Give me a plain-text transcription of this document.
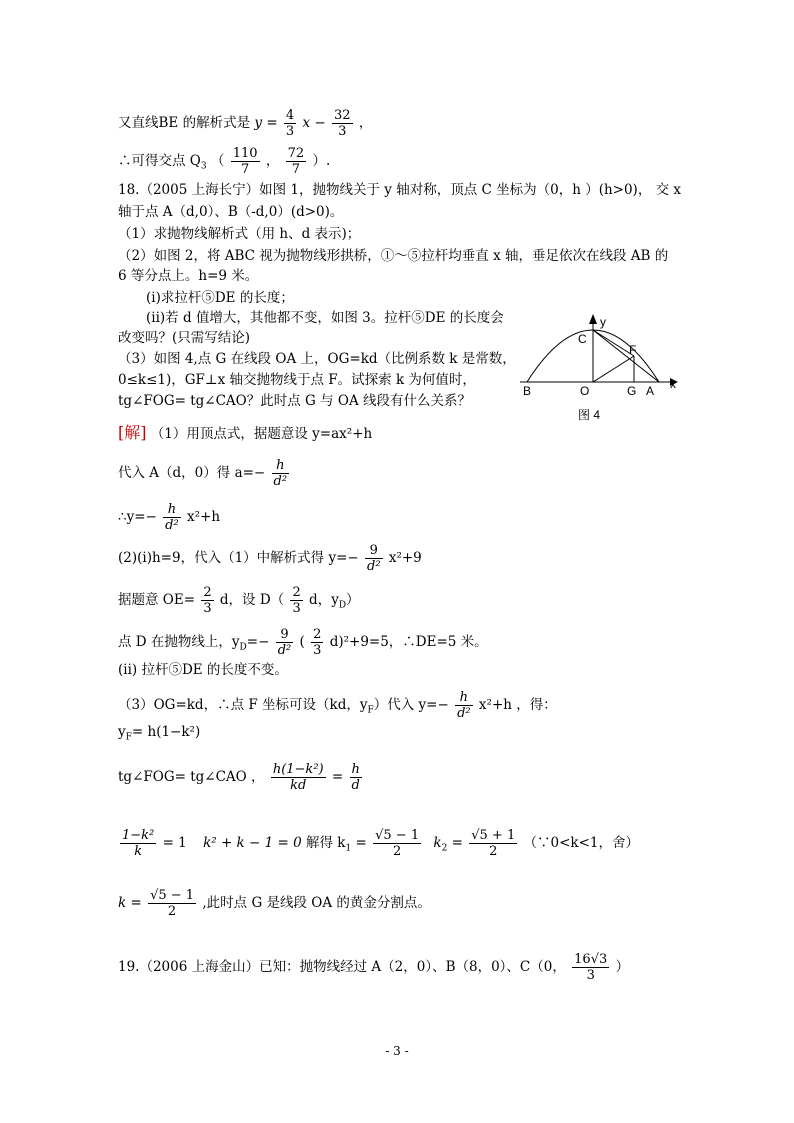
又直线BE 的解析式是 $y = \frac{4}{3}$ $x - \frac{32}{3}$ ，
∴可得交点 $Q_3$ （ $\frac{110}{7}$ ， $\frac{72}{7}$ ）.
18.（2005 上海长宁）如图 1，抛物线关于 y 轴对称，顶点 C 坐标为（0，h ）(h>0)， 交 x
轴于点 A（d,0）、B（-d,0）(d>0)。
（1）求抛物线解析式（用 h、d 表示)；
（2）如图 2，将 ABC 视为抛物线形拱桥，①～⑤拉杆均垂直 x 轴，垂足依次在线段 AB 的
6 等分点上。h=9 米。
(i)求拉杆⑤DE 的长度；
(ii)若 d 值增大，其他都不变，如图 3。拉杆⑤DE 的长度会
改变吗？(只需写结论)
（3）如图 4,点 G 在线段 OA 上，OG=kd（比例系数 k 是常数，
0≤k≤1)，GF⊥x 轴交抛物线于点 F。试探索 k 为何值时，
tg∠FOG= tg∠CAO？此时点 G 与 OA 线段有什么关系？
C
y
F
x
B	O	G A
图 4
[解] （1）用顶点式，据题意设 y=ax²+h
代入 A（d，0）得 $a=- \frac{h}{\text{d²}}$
∴y=− $\frac{h}{\text{d²}} x^2+h$
(2)(i)h=9，代入（1）中解析式得 $y=- \frac{9}{\text{d²}} x^2+9$
据题意 $OE= \frac{2}{3}$ d，设 $D( \frac{2}{3}$ d，$y_D$）
点 D 在抛物线上，$y_D=- \frac{9}{\text{d²}}$ ( $\frac{2}{3} d)^2+9=5$，∴DE=5 米。
(ii) 拉杆⑤DE 的长度不变。
（3）OG=kd，∴点 F 坐标可设（kd，$y_F$）代入 $y=- \frac{h}{\text{d²}} x^2+h$ ，得：
$y_F= h(1-k^2)$
tg∠FOG= tg∠CAO ， $\frac{\text{h(1−k²)}}{kd} = \frac{h}{d}$
$\frac{\text{1−k²}}{k} = 1$ k² + k − 1 = 0 解得 $k_1 = \frac{√5 - 1}{2} k_2 = \frac{√5 + 1}{2}$ （∵0<k<1，舍）
$k = \frac{√5 - 1}{2}$ ,此时点 G 是线段 OA 的黄金分割点。
19.（2006 上海金山）已知：抛物线经过 A（2，0）、B（8，0）、C（0， $\frac{16√3}{3}$ ）
- 3 -
